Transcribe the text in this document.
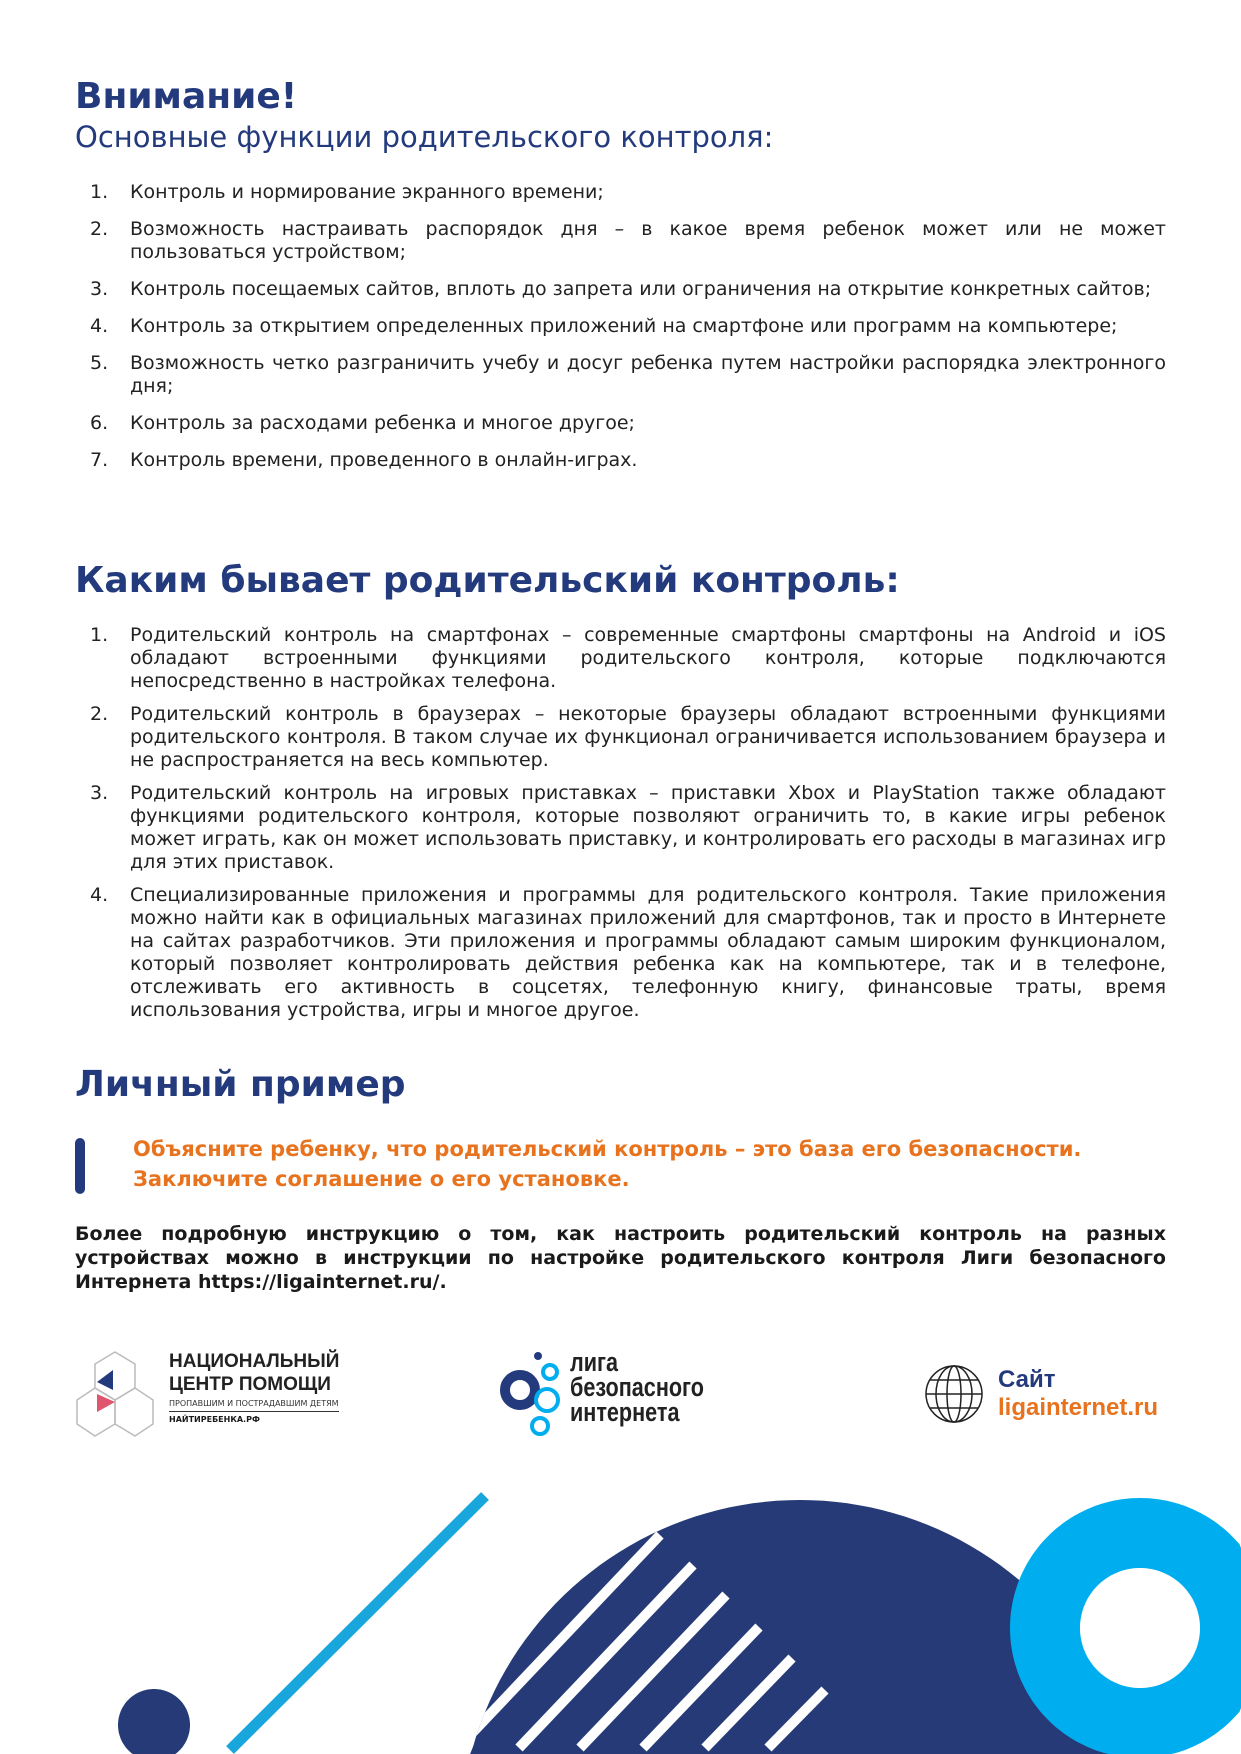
Внимание!
Основные функции родительского контроля:
1.	Контроль и нормирование экранного времени;
2.	Возможность настраивать распорядок дня – в какое время ребенок может или не может пользоваться устройством;
3.	Контроль посещаемых сайтов, вплоть до запрета или ограничения на открытие конкретных сайтов;
4.	Контроль за открытием определенных приложений на смартфоне или программ на компьютере;
5.	Возможность четко разграничить учебу и досуг ребенка путем настройки распорядка электронного дня;
6.	Контроль за расходами ребенка и многое другое;
7.	Контроль времени, проведенного в онлайн-играх.
Каким бывает родительский контроль:
1.	Родительский контроль на смартфонах – современные смартфоны смартфоны на Android и iOS обладают встроенными функциями родительского контроля, которые подключаются непосредственно в настройках телефона.
2.	Родительский контроль в браузерах – некоторые браузеры обладают встроенными функциями родительского контроля. В таком случае их функционал ограничивается использованием браузера и не распространяется на весь компьютер.
3.	Родительский контроль на игровых приставках – приставки Xbox и PlayStation также обладают функциями родительского контроля, которые позволяют ограничить то, в какие игры ребенок может играть, как он может использовать приставку, и контролировать его расходы в магазинах игр для этих приставок.
4.	Специализированные приложения и программы для родительского контроля. Такие приложения можно найти как в официальных магазинах приложений для смартфонов, так и просто в Интернете на сайтах разработчиков. Эти приложения и программы обладают самым широким функционалом, который позволяет контролировать действия ребенка как на компьютере, так и в телефоне, отслеживать его активность в соцсетях, телефонную книгу, финансовые траты, время использования устройства, игры и многое другое.
Личный пример
Объясните ребенку, что родительский контроль – это база его безопасности.
Заключите соглашение о его установке.
Более подробную инструкцию о том, как настроить родительский контроль на разных устройствах можно в инструкции по настройке родительского контроля Лиги безопасного Интернета https://ligainternet.ru/.
НАЦИОНАЛЬНЫЙ
ЦЕНТР ПОМОЩИ
ПРОПАВШИМ И ПОСТРАДАВШИМ ДЕТЯМ
НАЙТИРЕБЕНКА.РФ
лига
безопасного
интернета
Сайт
ligainternet.ru
